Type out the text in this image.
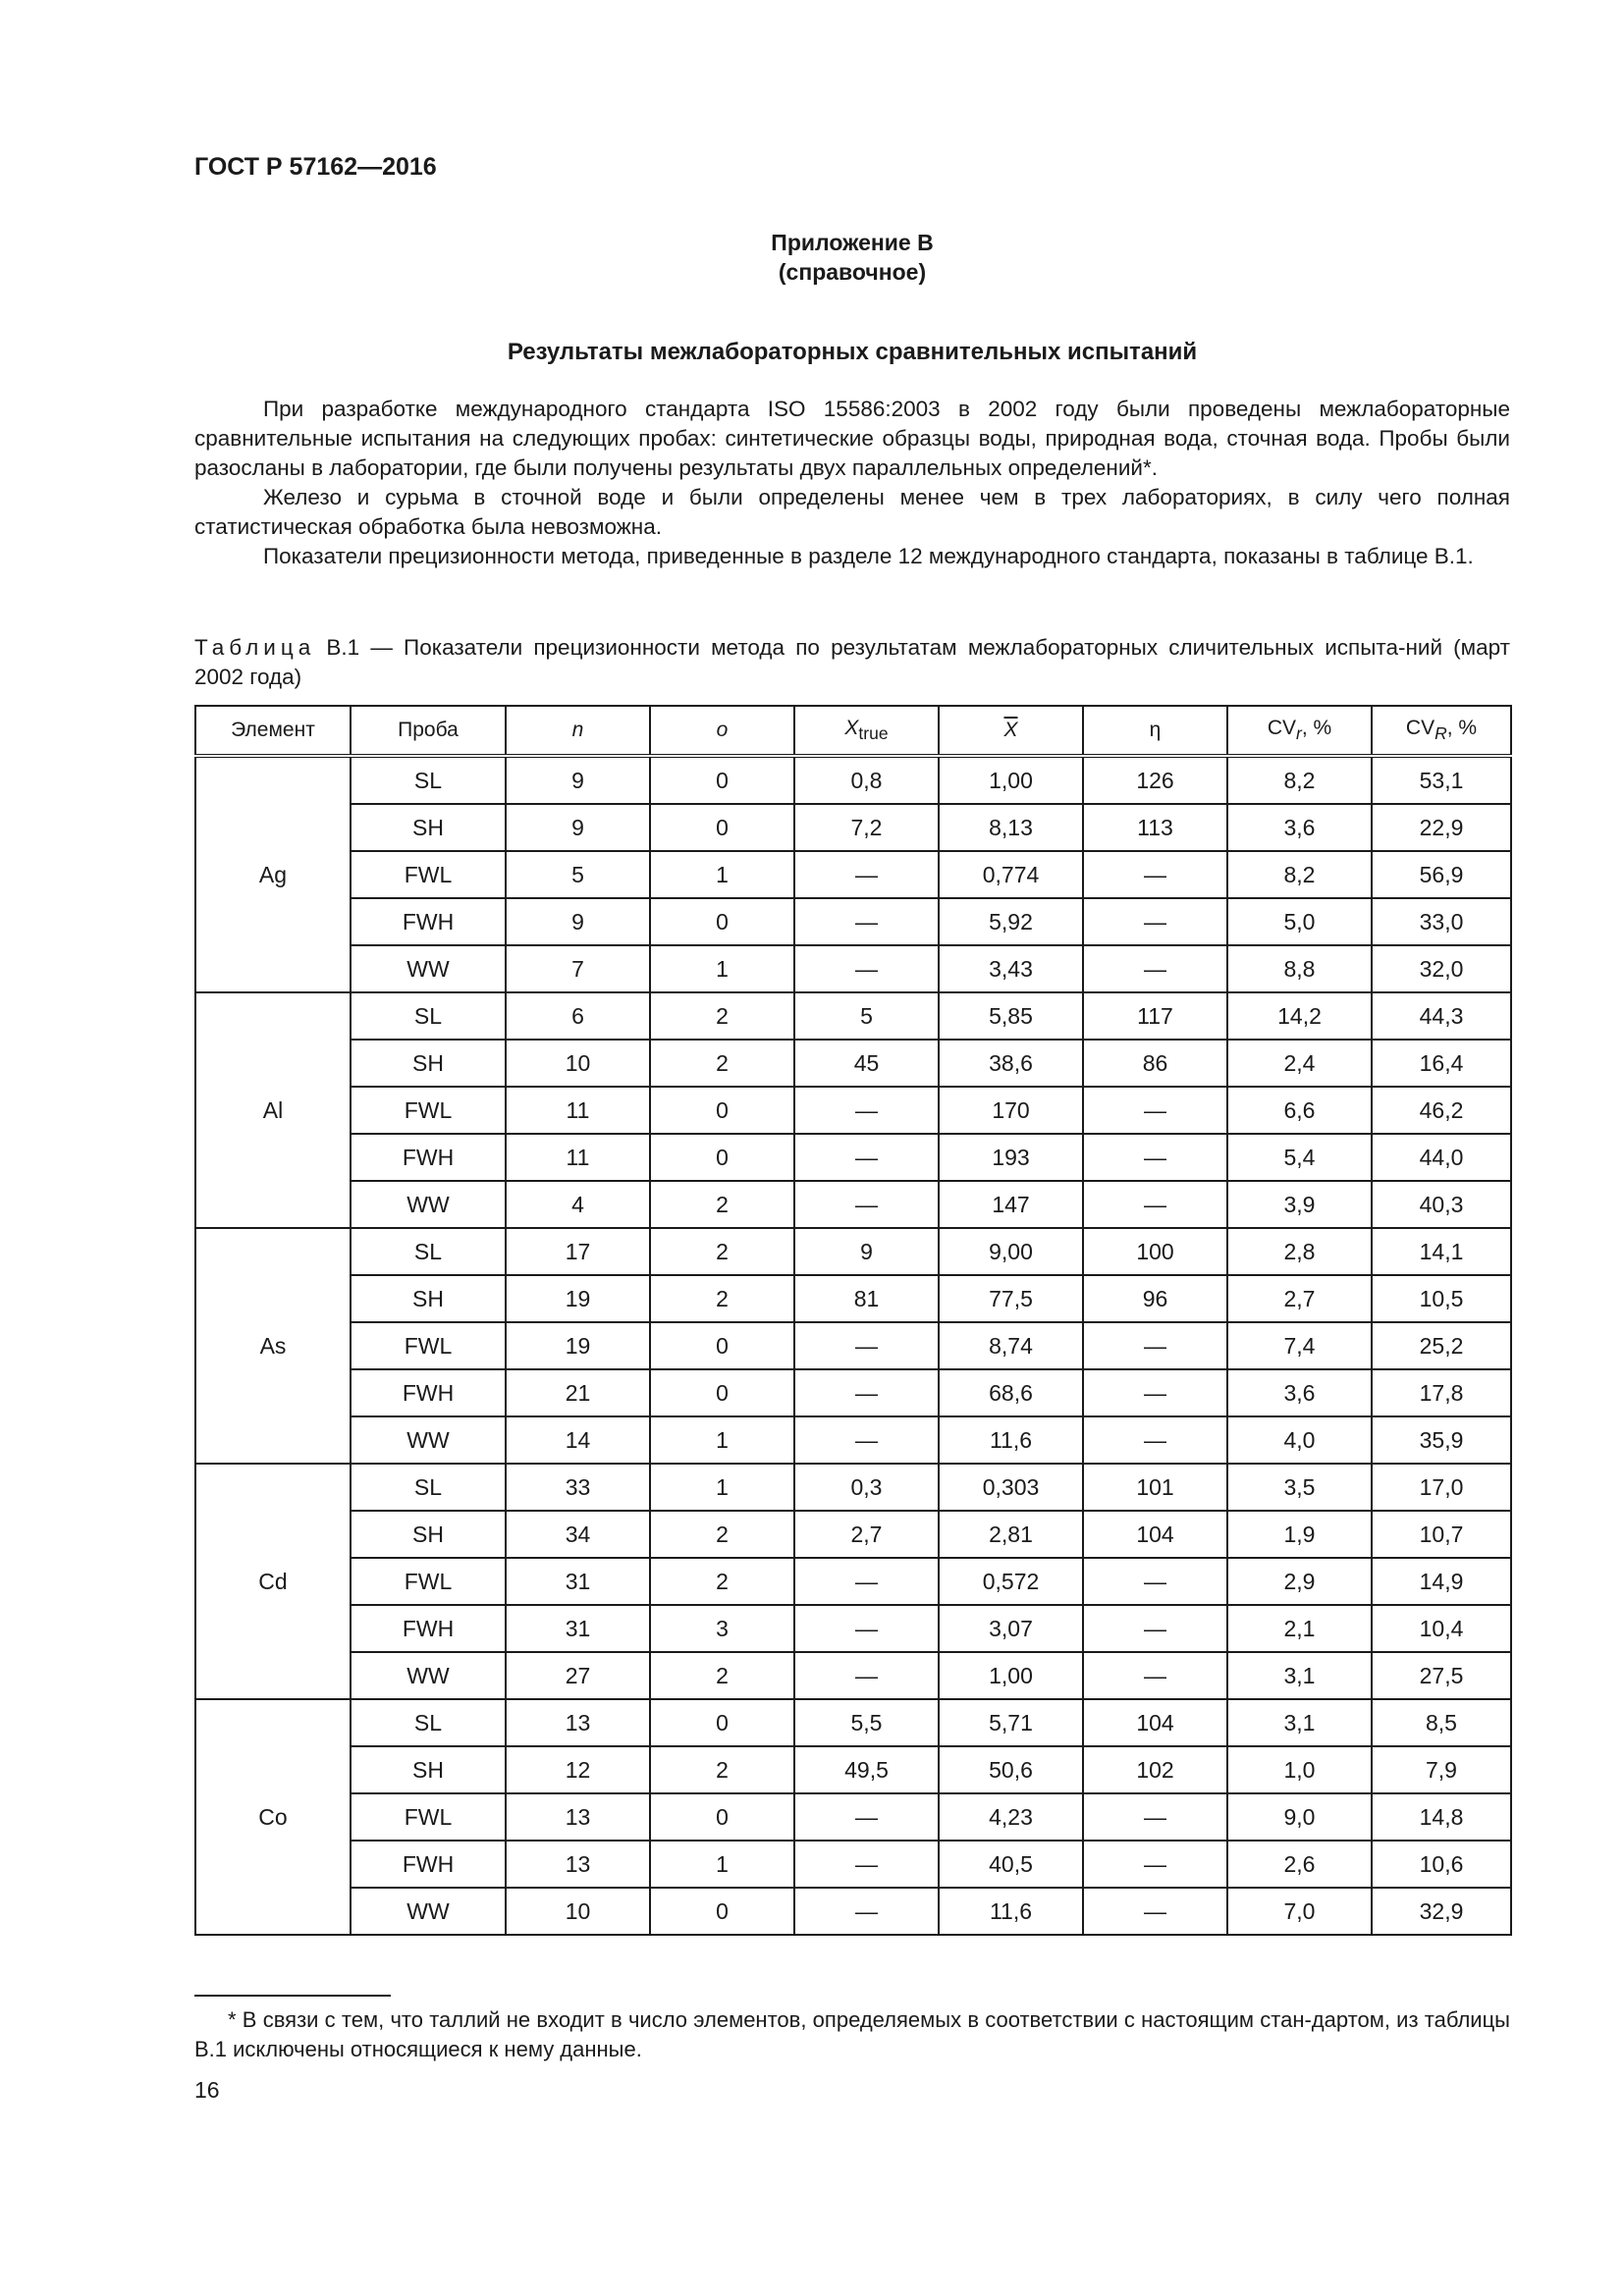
ГОСТ Р 57162—2016
Приложение В
(справочное)
Результаты межлабораторных сравнительных испытаний

При разработке международного стандарта ISO 15586:2003 в 2002 году были проведены межлабораторные сравнительные испытания на следующих пробах: синтетические образцы воды, природная вода, сточная вода. Пробы были разосланы в лаборатории, где были получены результаты двух параллельных определений*.

Железо и сурьма в сточной воде и были определены менее чем в трех лабораториях, в силу чего полная статистическая обработка была невозможна.

Показатели прецизионности метода, приведенные в разделе 12 международного стандарта, показаны в таблице В.1.

Таблица В.1 — Показатели прецизионности метода по результатам межлабораторных сличительных испыта-ний (март 2002 года)

Элемент	Проба	n	o	$X_{true}$	$\overline{X}$	η	$CV_r$, %	$CV_R$, %
Ag	SL	9	0	0,8	1,00	126	8,2	53,1
	SH	9	0	7,2	8,13	113	3,6	22,9
	FWL	5	1	—	0,774	—	8,2	56,9
	FWH	9	0	—	5,92	—	5,0	33,0
	WW	7	1	—	3,43	—	8,8	32,0
Al	SL	6	2	5	5,85	117	14,2	44,3
	SH	10	2	45	38,6	86	2,4	16,4
	FWL	11	0	—	170	—	6,6	46,2
	FWH	11	0	—	193	—	5,4	44,0
	WW	4	2	—	147	—	3,9	40,3
As	SL	17	2	9	9,00	100	2,8	14,1
	SH	19	2	81	77,5	96	2,7	10,5
	FWL	19	0	—	8,74	—	7,4	25,2
	FWH	21	0	—	68,6	—	3,6	17,8
	WW	14	1	—	11,6	—	4,0	35,9
Cd	SL	33	1	0,3	0,303	101	3,5	17,0
	SH	34	2	2,7	2,81	104	1,9	10,7
	FWL	31	2	—	0,572	—	2,9	14,9
	FWH	31	3	—	3,07	—	2,1	10,4
	WW	27	2	—	1,00	—	3,1	27,5
Co	SL	13	0	5,5	5,71	104	3,1	8,5
	SH	12	2	49,5	50,6	102	1,0	7,9
	FWL	13	0	—	4,23	—	9,0	14,8
	FWH	13	1	—	40,5	—	2,6	10,6
	WW	10	0	—	11,6	—	7,0	32,9

* В связи с тем, что таллий не входит в число элементов, определяемых в соответствии с настоящим стан-дартом, из таблицы В.1 исключены относящиеся к нему данные.

16
